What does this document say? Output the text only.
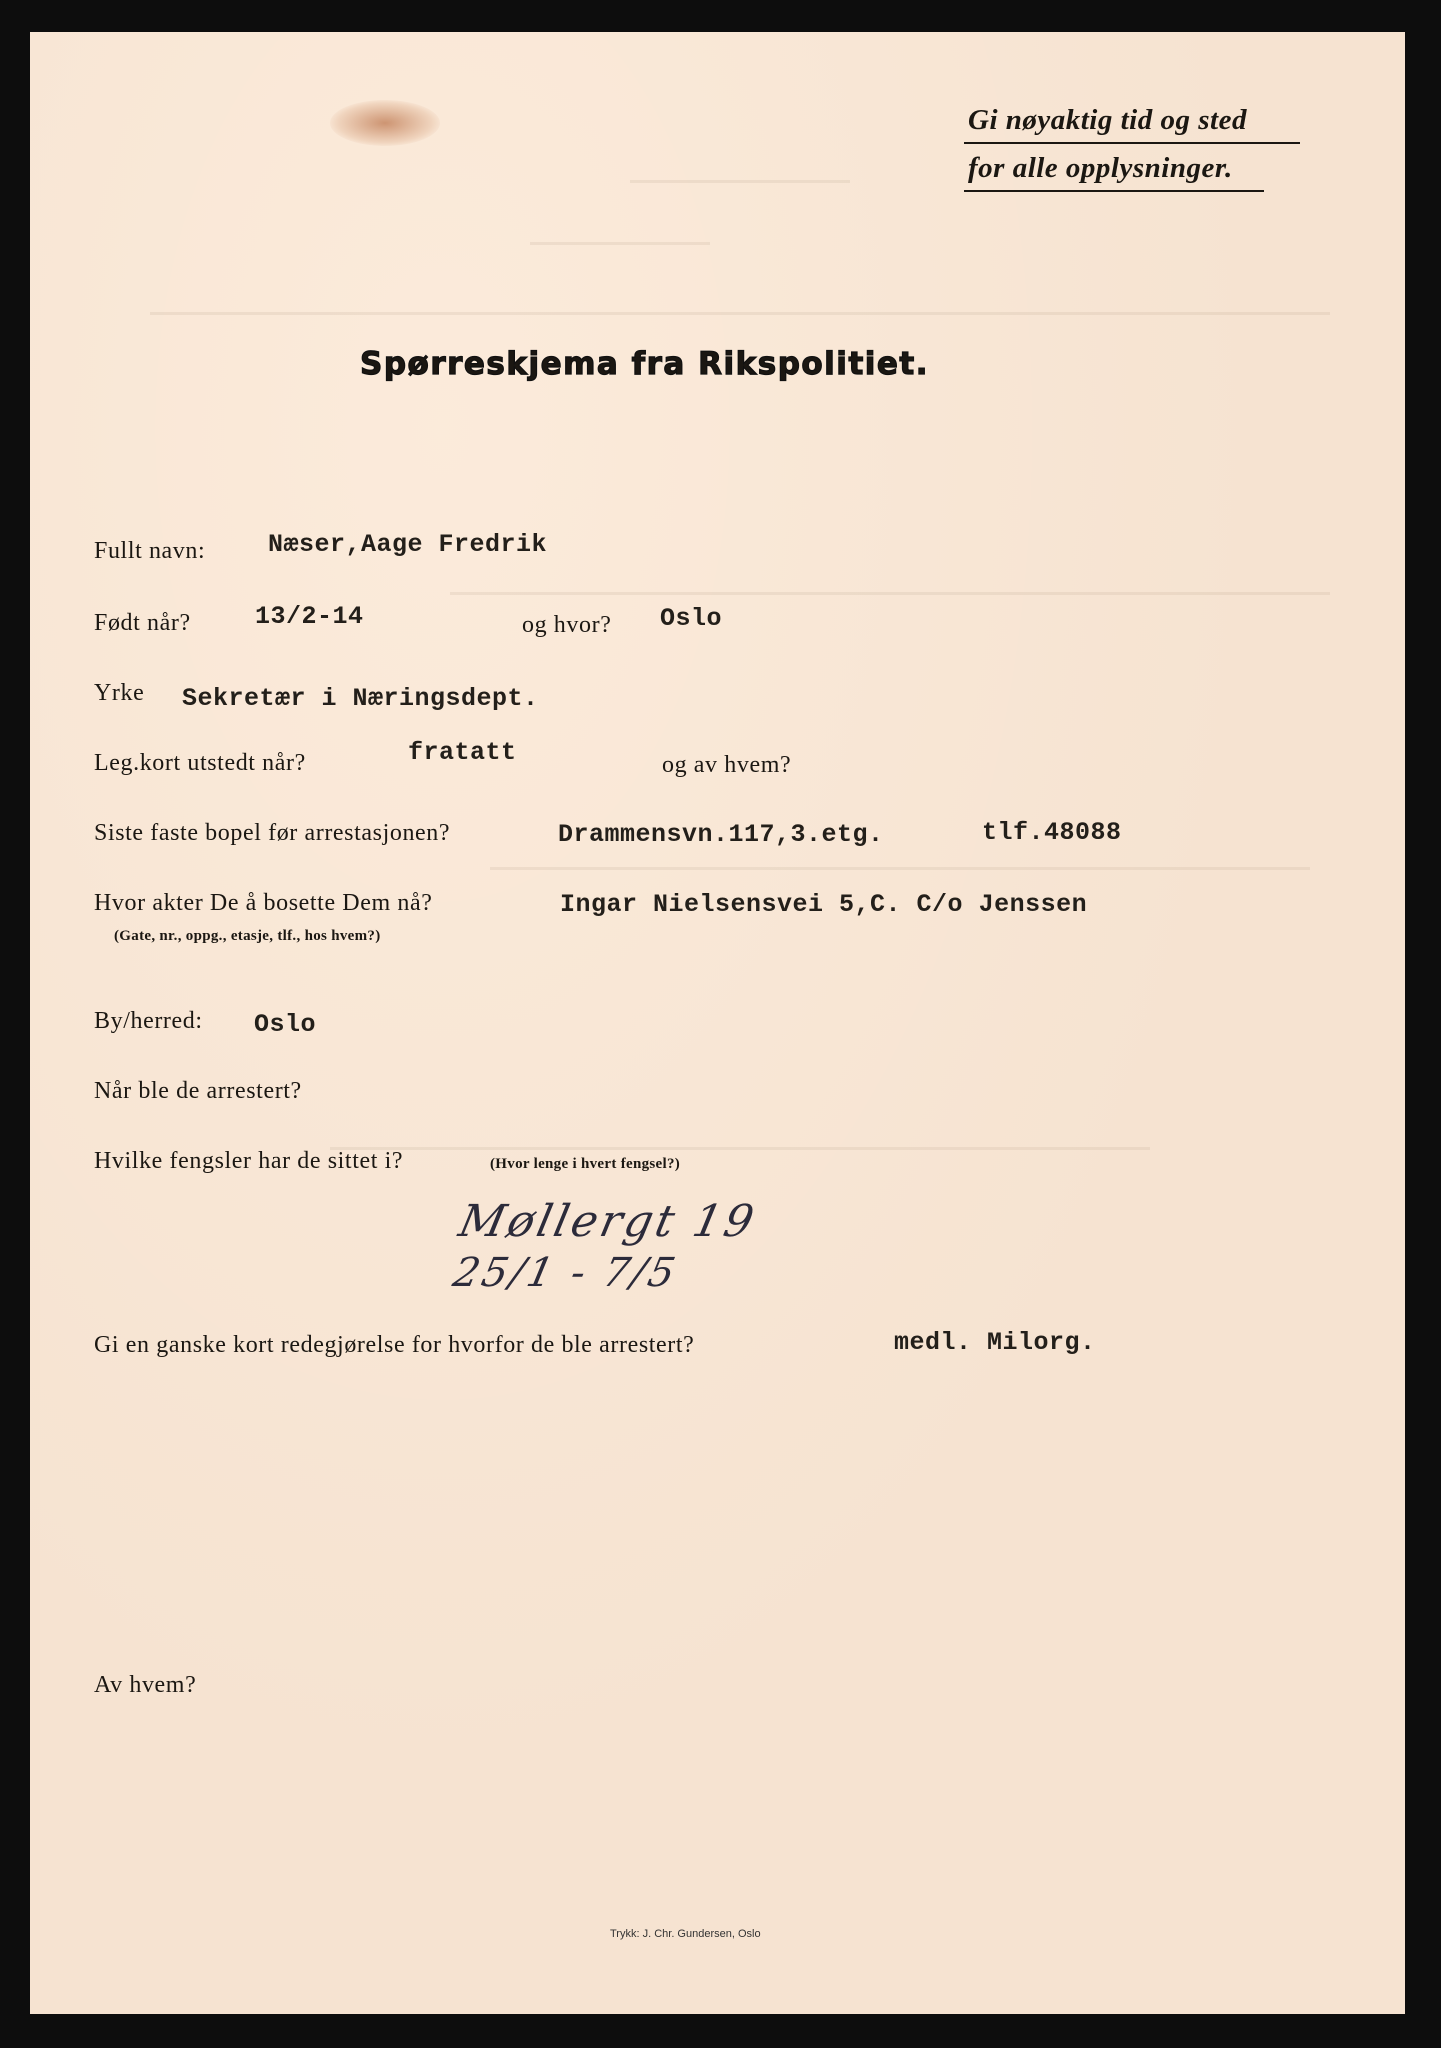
Gi nøyaktig tid og sted
for alle opplysninger.
Spørreskjema fra Rikspolitiet.
Fullt navn:	Næser,Aage Fredrik
Født når?	13/2-14	og hvor? Oslo
Yrke Sekretær i Næringsdept.
Leg.kort utstedt når?	fratatt	og av hvem?
Siste faste bopel før arrestasjonen?	Drammensvn.117,3.etg.	tlf.48088
Hvor akter De å bosette Dem nå?
(Gate, nr., oppg., etasje, tlf., hos hvem?)
Ingar Nielsensvei 5,C. C/o Jenssen
By/herred: Oslo
Når ble de arrestert?
Hvilke fengsler har de sittet i?	(Hvor lenge i hvert fengsel?)
Møllergt 19
25/1 - 7/5
Gi en ganske kort redegjørelse for hvorfor de ble arrestert?	medl. Milorg.
Av hvem?
Trykk: J. Chr. Gundersen, Oslo
